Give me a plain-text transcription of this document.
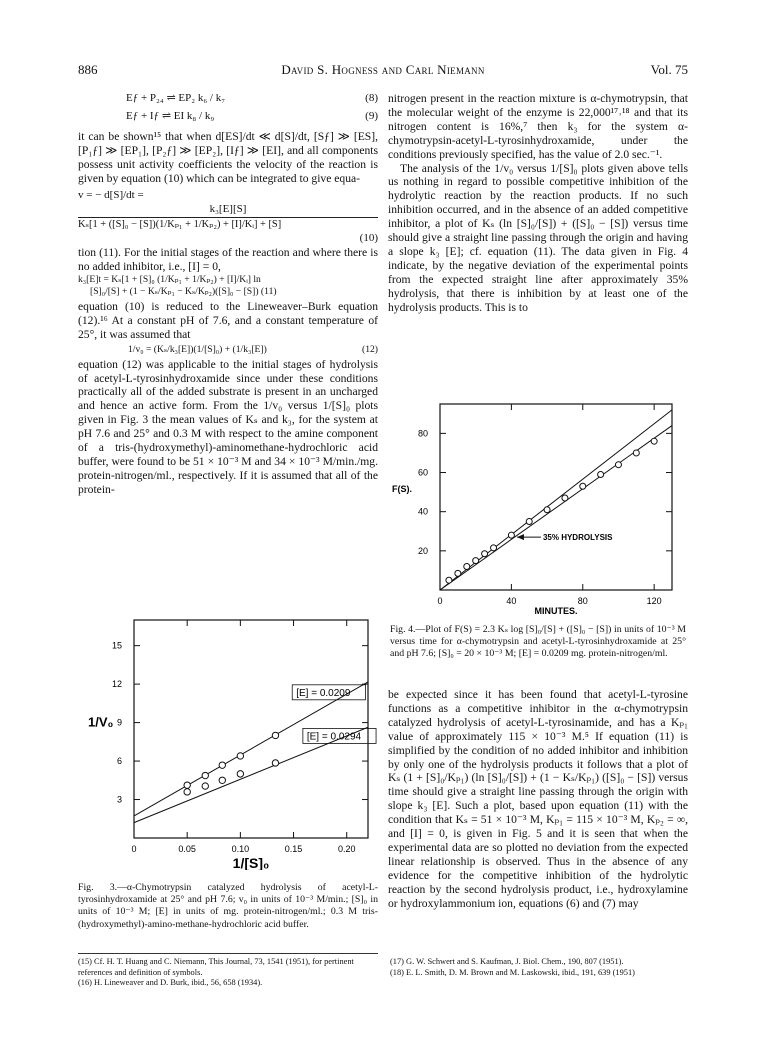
886	David S. Hogness and Carl Niemann	Vol. 75
Eƒ + P₂₄ ⇌ EP₂ k₆ / k₇	(8)
Eƒ + Iƒ ⇌ EI k₈ / k₉	(9)

it can be shown¹⁵ that when d[ES]/dt ≪ d[S]/dt, [Sƒ] ≫ [ES], [P₁ƒ] ≫ [EP₁], [P₂ƒ] ≫ [EP₂], [Iƒ] ≫ [EI], and all components possess unit activity coefficients the velocity of the reaction is given by equation (10) which can be integrated to give equa-

v = − d[S]/dt =
k₃[E][S]
Kₛ[1 + ([S]₀ − [S])(1/Kₚ₁ + 1/Kₚ₂) + [I]/Kᵢ] + [S]
(10)

tion (11). For the initial stages of the reaction and where there is no added inhibitor, i.e., [I] = 0,

k₃[E]t = Kₛ[1 + [S]₀ (1/Kₚ₁ + 1/Kₚ₂) + [I]/Kᵢ] ln
[S]₀/[S] + (1 − Kₛ/Kₚ₁ − Kₛ/Kₚ₂)([S]₀ − [S]) (11)

equation (10) is reduced to the Lineweaver–Burk equation (12).¹⁶ At a constant pH of 7.6, and a constant temperature of 25°, it was assumed that

1/v₀ = (Kₛ/k₃[E])(1/[S]₀) + (1/k₃[E])	(12)

equation (12) was applicable to the initial stages of hydrolysis of acetyl-L-tyrosinhydroxamide since under these conditions practically all of the added substrate is present in an uncharged and hence an active form. From the 1/v₀ versus 1/[S]₀ plots given in Fig. 3 the mean values of Kₛ and k₃, for the system at pH 7.6 and 25° and 0.3 M with respect to the amine component of a tris-(hydroxymethyl)-aminomethane-hydrochloric acid buffer, were found to be 51 × 10⁻³ M and 34 × 10⁻³ M/min./mg. protein-nitrogen/ml., respectively. If it is assumed that all of the protein-

0	0.05	0.10	0.15	0.20
3
6
9
12
15
1/[S]₀
1/V₀
[E] = 0.0209
[E] = 0.0294
Fig. 3.—α-Chymotrypsin catalyzed hydrolysis of acetyl-L-tyrosinhydroxamide at 25° and pH 7.6; v₀ in units of 10⁻³ M/min.; [S]₀ in units of 10⁻³ M; [E] in units of mg. protein-nitrogen/ml.; 0.3 M tris-(hydroxymethyl)-amino-methane-hydrochloric acid buffer.

nitrogen present in the reaction mixture is α-chymotrypsin, that the molecular weight of the enzyme is 22,000¹⁷˒¹⁸ and that its nitrogen content is 16%,⁷ then k₃ for the system α-chymotrypsin-acetyl-L-tyrosinhydroxamide, under the conditions previously specified, has the value of 2.0 sec.⁻¹.

The analysis of the 1/v₀ versus 1/[S]₀ plots given above tells us nothing in regard to possible competitive inhibition of the hydrolytic reaction by the reaction products. If no such inhibition occurred, and in the absence of an added competitive inhibitor, a plot of Kₛ (ln [S]₀/[S]) + ([S]₀ − [S]) versus time should give a straight line passing through the origin and having a slope k₃ [E]; cf. equation (11). The data given in Fig. 4 indicate, by the negative deviation of the experimental points from the expected straight line after approximately 35% hydrolysis, that there is inhibition by at least one of the hydrolysis products. This is to

0	40	80	120
20
40
60
80
MINUTES.
F(S).
35% HYDROLYSIS
Fig. 4.—Plot of F(S) = 2.3 Kₛ log [S]₀/[S] + ([S]₀ − [S]) in units of 10⁻³ M versus time for α-chymotrypsin and acetyl-L-tyrosinhydroxamide at 25° and pH 7.6; [S]₀ = 20 × 10⁻³ M; [E] = 0.0209 mg. protein-nitrogen/ml.

be expected since it has been found that acetyl-L-tyrosine functions as a competitive inhibitor in the α-chymotrypsin catalyzed hydrolysis of acetyl-L-tyrosinamide, and has a Kₚ₁ value of approximately 115 × 10⁻³ M.⁵ If equation (11) is simplified by the condition of no added inhibitor and inhibition by only one of the hydrolysis products it follows that a plot of Kₛ (1 + [S]₀/Kₚ₁) (ln [S]₀/[S]) + (1 − Kₛ/Kₚ₁) ([S]₀ − [S]) versus time should give a straight line passing through the origin with slope k₃ [E]. Such a plot, based upon equation (11) with the condition that Kₛ = 51 × 10⁻³ M, Kₚ₁ = 115 × 10⁻³ M, Kₚ₂ = ∞, and [I] = 0, is given in Fig. 5 and it is seen that when the experimental data are so plotted no deviation from the expected linear relationship is observed. Thus in the absence of any evidence for the competitive inhibition of the hydrolytic reaction by the second hydrolysis product, i.e., hydroxylamine or hydroxylammonium ion, equations (6) and (7) may

(15) Cf. H. T. Huang and C. Niemann, This Journal, 73, 1541 (1951), for pertinent references and definition of symbols.
(16) H. Lineweaver and D. Burk, ibid., 56, 658 (1934).
(17) G. W. Schwert and S. Kaufman, J. Biol. Chem., 190, 807 (1951).
(18) E. L. Smith, D. M. Brown and M. Laskowski, ibid., 191, 639 (1951)
